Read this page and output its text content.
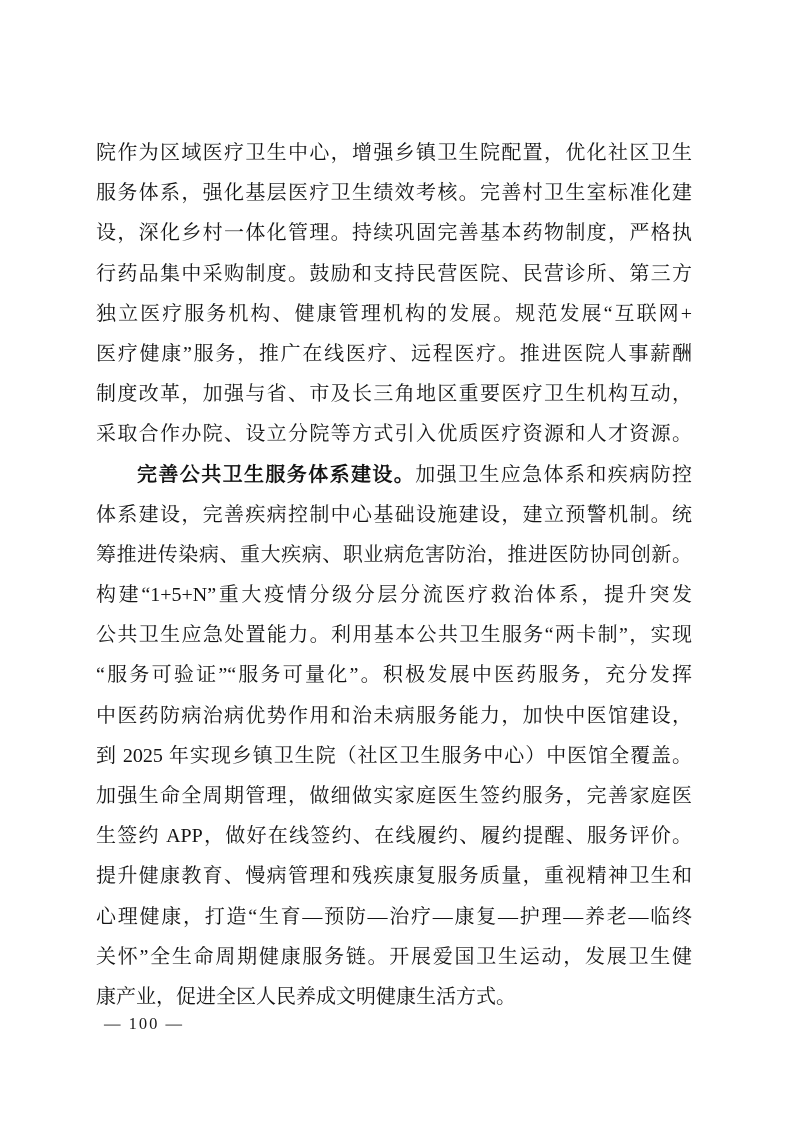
院作为区域医疗卫生中心，增强乡镇卫生院配置，优化社区卫生
服务体系，强化基层医疗卫生绩效考核。完善村卫生室标准化建
设，深化乡村一体化管理。持续巩固完善基本药物制度，严格执
行药品集中采购制度。鼓励和支持民营医院、民营诊所、第三方
独立医疗服务机构、健康管理机构的发展。规范发展“互联网+
医疗健康”服务，推广在线医疗、远程医疗。推进医院人事薪酬
制度改革，加强与省、市及长三角地区重要医疗卫生机构互动，
采取合作办院、设立分院等方式引入优质医疗资源和人才资源。
完善公共卫生服务体系建设。加强卫生应急体系和疾病防控
体系建设，完善疾病控制中心基础设施建设，建立预警机制。统
筹推进传染病、重大疾病、职业病危害防治，推进医防协同创新。
构建“1+5+N”重大疫情分级分层分流医疗救治体系，提升突发
公共卫生应急处置能力。利用基本公共卫生服务“两卡制”，实现
“服务可验证”“服务可量化”。积极发展中医药服务，充分发挥
中医药防病治病优势作用和治未病服务能力，加快中医馆建设，
到 2025 年实现乡镇卫生院（社区卫生服务中心）中医馆全覆盖。
加强生命全周期管理，做细做实家庭医生签约服务，完善家庭医
生签约 APP，做好在线签约、在线履约、履约提醒、服务评价。
提升健康教育、慢病管理和残疾康复服务质量，重视精神卫生和
心理健康，打造“生育—预防—治疗—康复—护理—养老—临终
关怀”全生命周期健康服务链。开展爱国卫生运动，发展卫生健
康产业，促进全区人民养成文明健康生活方式。
— 100 —
